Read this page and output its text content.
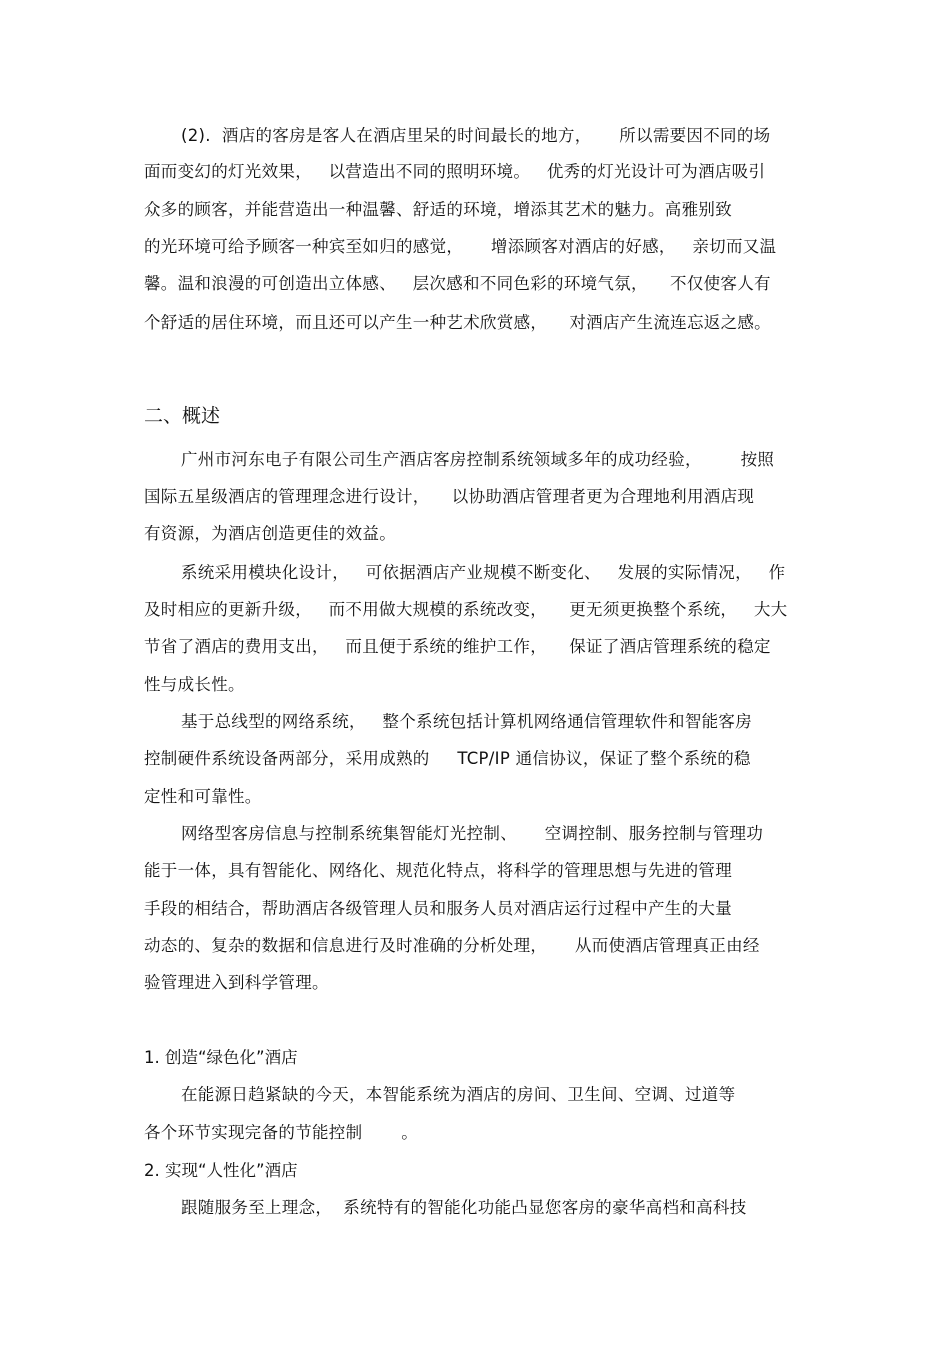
(2).  酒店的客房是客人在酒店里呆的时间最长的地方，     所以需要因不同的场
面而变幻的灯光效果，   以营造出不同的照明环境。   优秀的灯光设计可为酒店吸引
众多的顾客，并能营造出一种温馨、舒适的环境，增添其艺术的魅力。高雅别致
的光环境可给予顾客一种宾至如归的感觉，     增添顾客对酒店的好感，   亲切而又温
馨。温和浪漫的可创造出立体感、   层次感和不同色彩的环境气氛，    不仅使客人有
个舒适的居住环境，而且还可以产生一种艺术欣赏感，    对酒店产生流连忘返之感。
二、概述
广州市河东电子有限公司生产酒店客房控制系统领域多年的成功经验，       按照
国际五星级酒店的管理理念进行设计，    以协助酒店管理者更为合理地利用酒店现
有资源，为酒店创造更佳的效益。
系统采用模块化设计，   可依据酒店产业规模不断变化、   发展的实际情况，   作
及时相应的更新升级，   而不用做大规模的系统改变，    更无须更换整个系统，   大大
节省了酒店的费用支出，   而且便于系统的维护工作，    保证了酒店管理系统的稳定
性与成长性。
基于总线型的网络系统，   整个系统包括计算机网络通信管理软件和智能客房
控制硬件系统设备两部分，采用成熟的     TCP/IP 通信协议，保证了整个系统的稳
定性和可靠性。
网络型客房信息与控制系统集智能灯光控制、     空调控制、服务控制与管理功
能于一体，具有智能化、网络化、规范化特点，将科学的管理思想与先进的管理
手段的相结合，帮助酒店各级管理人员和服务人员对酒店运行过程中产生的大量
动态的、复杂的数据和信息进行及时准确的分析处理，     从而使酒店管理真正由经
验管理进入到科学管理。
1. 创造“绿色化”酒店
在能源日趋紧缺的今天，本智能系统为酒店的房间、卫生间、空调、过道等
各个环节实现完备的节能控制       。
2. 实现“人性化”酒店
跟随服务至上理念，  系统特有的智能化功能凸显您客房的豪华高档和高科技
